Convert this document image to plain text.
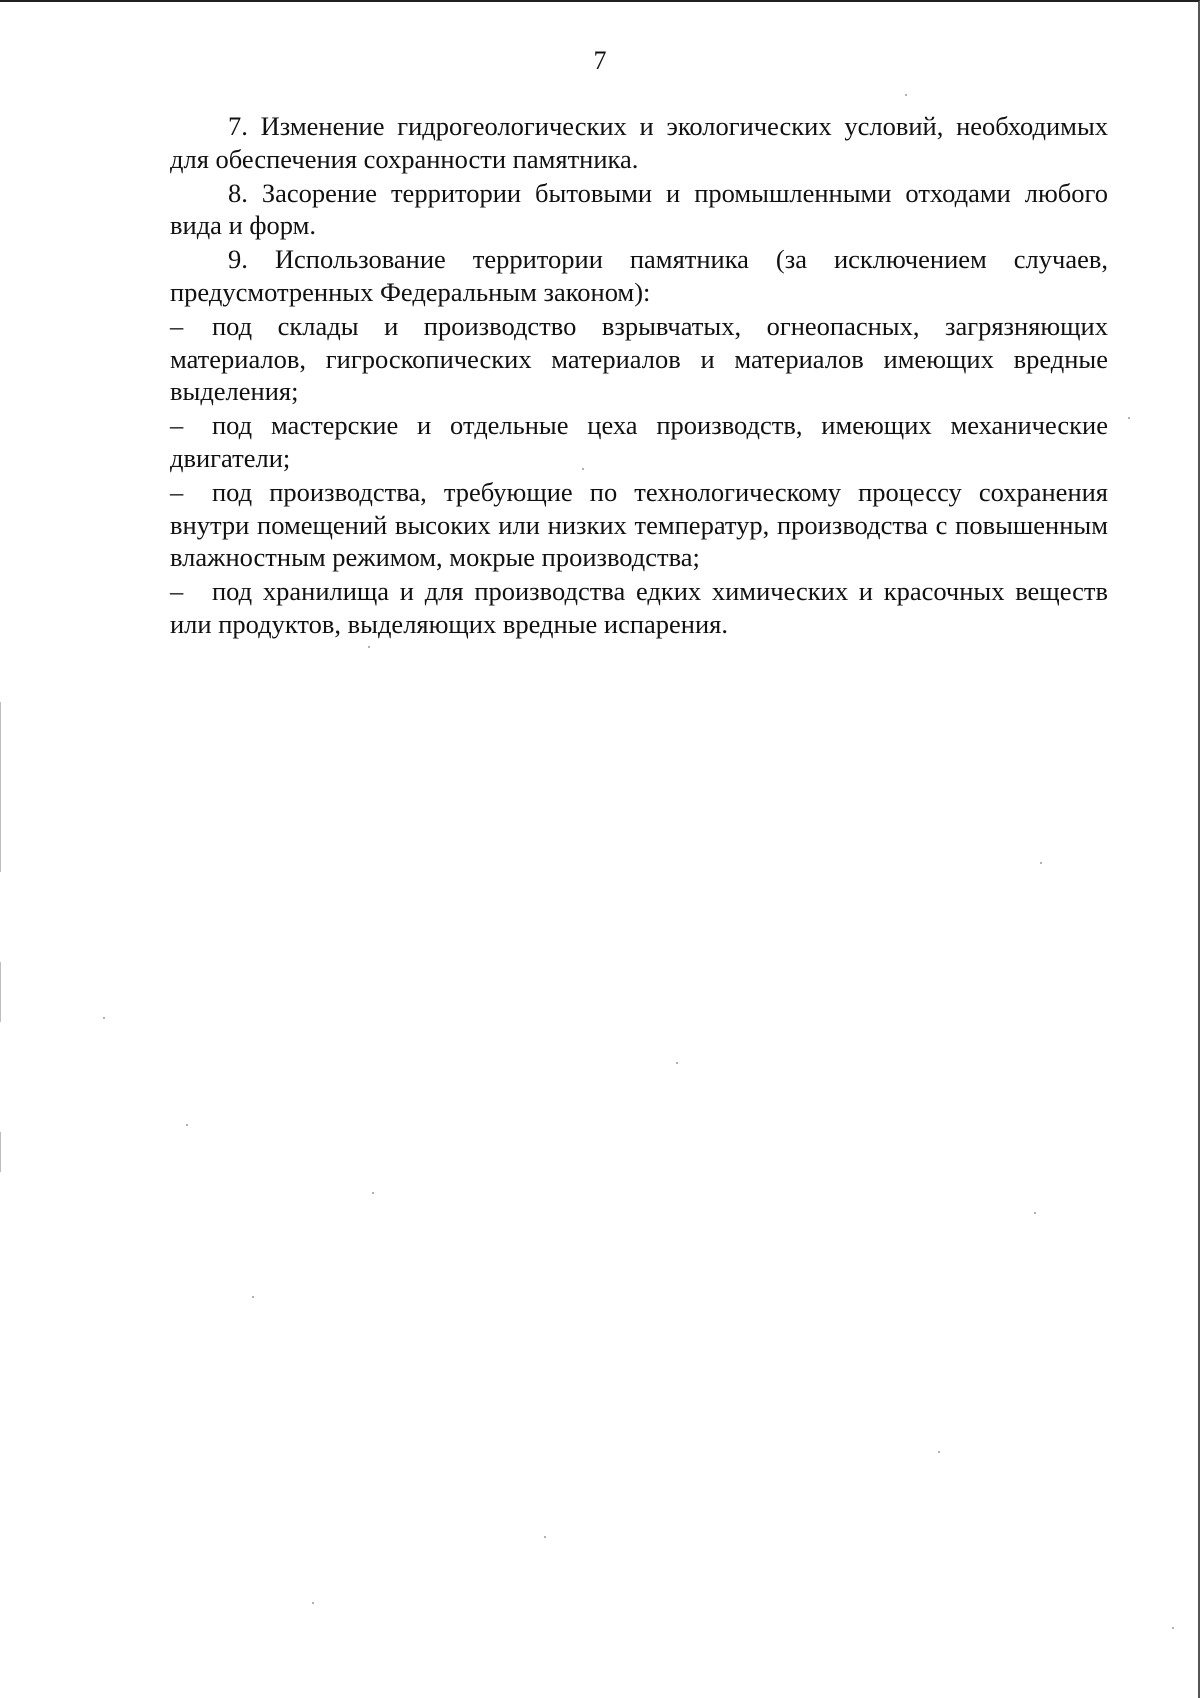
7

7. Изменение гидрогеологических и экологических условий, необходимых для обеспечения сохранности памятника.

8. Засорение территории бытовыми и промышленными отходами любого вида и форм.

9. Использование территории памятника (за исключением случаев, предусмотренных Федеральным законом):

– под склады и производство взрывчатых, огнеопасных, загрязняющих материалов, гигроскопических материалов и материалов имеющих вредные выделения;

– под мастерские и отдельные цеха производств, имеющих механические двигатели;

– под производства, требующие по технологическому процессу сохранения внутри помещений высоких или низких температур, производства с повышенным влажностным режимом, мокрые производства;

– под хранилища и для производства едких химических и красочных веществ или продуктов, выделяющих вредные испарения.
